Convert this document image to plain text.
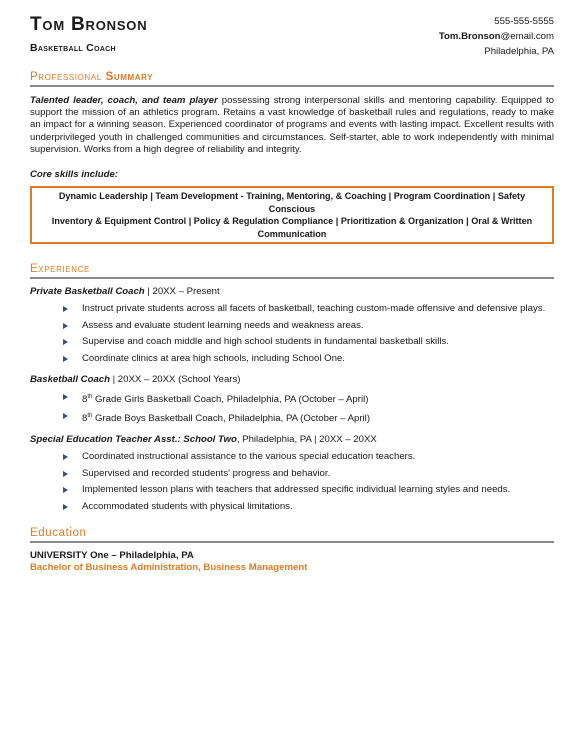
Tom Bronson
Basketball Coach
555-555-5555
Tom.Bronson@email.com
Philadelphia, PA
Professional Summary
Talented leader, coach, and team player possessing strong interpersonal skills and mentoring capability. Equipped to support the mission of an athletics program. Retains a vast knowledge of basketball rules and regulations, ready to make an impact for a winning season. Experienced coordinator of programs and events with lasting impact. Excellent results with underprivileged youth in challenged communities and circumstances. Self-starter, able to work independently with minimal supervision. Works from a high degree of reliability and integrity.
Core skills include:
Dynamic Leadership | Team Development - Training, Mentoring, & Coaching | Program Coordination | Safety Conscious
Inventory & Equipment Control | Policy & Regulation Compliance | Prioritization & Organization | Oral & Written Communication
Experience
Private Basketball Coach | 20XX – Present
Instruct private students across all facets of basketball, teaching custom-made offensive and defensive plays.
Assess and evaluate student learning needs and weakness areas.
Supervise and coach middle and high school students in fundamental basketball skills.
Coordinate clinics at area high schools, including School One.
Basketball Coach | 20XX – 20XX (School Years)
8th Grade Girls Basketball Coach, Philadelphia, PA (October – April)
8th Grade Boys Basketball Coach, Philadelphia, PA (October – April)
Special Education Teacher Asst.: School Two, Philadelphia, PA | 20XX – 20XX
Coordinated instructional assistance to the various special education teachers.
Supervised and recorded students' progress and behavior.
Implemented lesson plans with teachers that addressed specific individual learning styles and needs.
Accommodated students with physical limitations.
Education
UNIVERSITY One – Philadelphia, PA
Bachelor of Business Administration, Business Management
